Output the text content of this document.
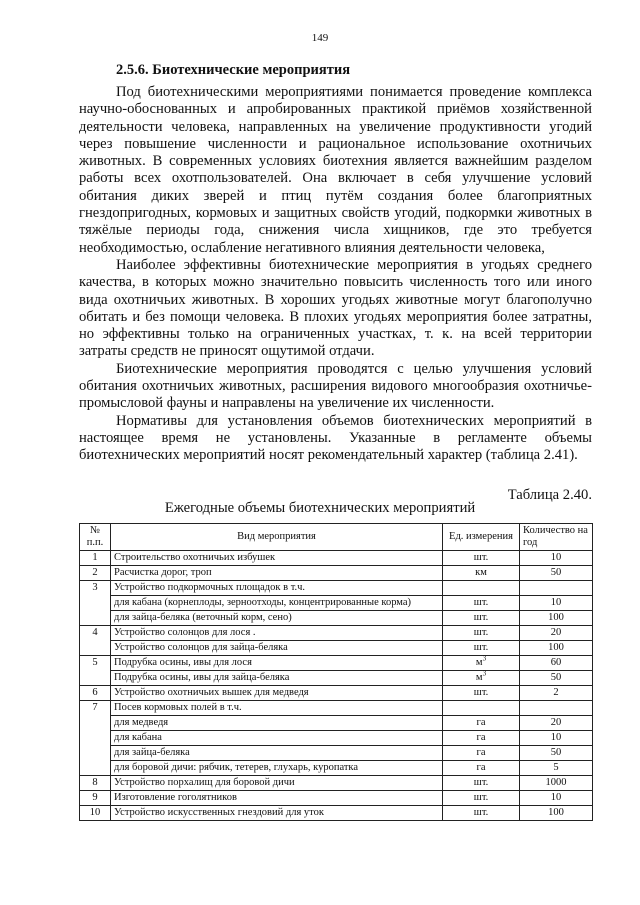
149
2.5.6. Биотехнические мероприятия

Под биотехническими мероприятиями понимается проведение комплекса научно-обоснованных и апробированных практикой приёмов хозяйственной деятельности человека, направленных на увеличение продуктивности угодий через повышение численности и рациональное использование охотничьих животных. В современных условиях биотехния является важнейшим разделом работы всех охотпользователей. Она включает в себя улучшение условий обитания диких зверей и птиц путём создания более благоприятных гнездопригодных, кормовых и защитных свойств угодий, подкормки животных в тяжёлые периоды года, снижения числа хищников, где это требуется необходимостью, ослабление негативного влияния деятельности человека,

Наиболее эффективны биотехнические мероприятия в угодьях среднего качества, в которых можно значительно повысить численность того или иного вида охотничьих животных. В хороших угодьях животные могут благополучно обитать и без помощи человека. В плохих угодьях мероприятия более затратны, но эффективны только на ограниченных участках, т. к. на всей территории затраты средств не приносят ощутимой отдачи.

Биотехнические мероприятия проводятся с целью улучшения условий обитания охотничьих животных, расширения видового многообразия охотничье-промысловой фауны и направлены на увеличение их численности.

Нормативы для установления объемов биотехнических мероприятий в настоящее время не установлены. Указанные в регламенте объемы биотехнических мероприятий носят рекомендательный характер (таблица 2.41).

Таблица 2.40.
Ежегодные объемы биотехнических мероприятий
№ п.п.	Вид мероприятия	Ед. измерения	Количество на год
1	Строительство охотничьих избушек	шт.	10
2	Расчистка дорог, троп	км	50
3	Устройство подкормочных площадок в т.ч.		
	для кабана (корнеплоды, зерноотходы, концентрированные корма)	шт.	10
	для зайца-беляка (веточный корм, сено)	шт.	100
4	Устройство солонцов для лося .	шт.	20
	Устройство солонцов для зайца-беляка	шт.	100
5	Подрубка осины, ивы для лося	$м^3$	60
	Подрубка осины, ивы для зайца-беляка	$м^3$	50
6	Устройство охотничьих вышек для медведя	шт.	2
7	Посев кормовых полей в т.ч.		
	для медведя	га	20
	для кабана	га	10
	для зайца-беляка	га	50
	для боровой дичи: рябчик, тетерев, глухарь, куропатка	га	5
8	Устройство порхалищ для боровой дичи	шт.	1000
9	Изготовление гоголятников	шт.	10
10	Устройство искусственных гнездовий для уток	шт.	100
